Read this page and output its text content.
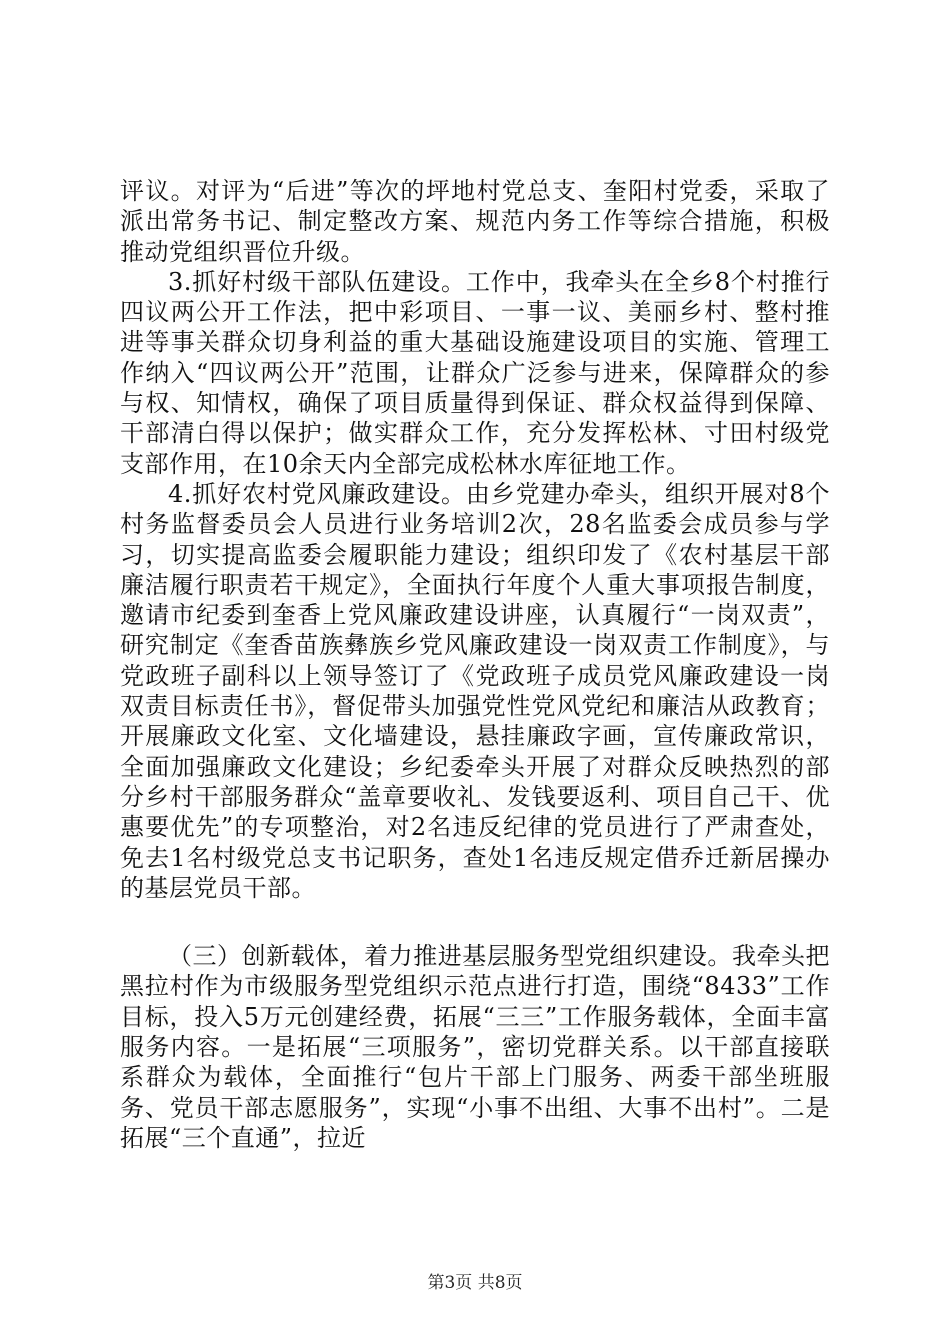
评议。对评为“后进”等次的坪地村党总支、奎阳村党委，采取了派出常务书记、制定整改方案、规范内务工作等综合措施，积极推动党组织晋位升级。

3.抓好村级干部队伍建设。工作中，我牵头在全乡8个村推行四议两公开工作法，把中彩项目、一事一议、美丽乡村、整村推进等事关群众切身利益的重大基础设施建设项目的实施、管理工作纳入“四议两公开”范围，让群众广泛参与进来，保障群众的参与权、知情权，确保了项目质量得到保证、群众权益得到保障、干部清白得以保护；做实群众工作，充分发挥松林、寸田村级党支部作用，在10余天内全部完成松林水库征地工作。

4.抓好农村党风廉政建设。由乡党建办牵头，组织开展对8个村务监督委员会人员进行业务培训2次，28名监委会成员参与学习，切实提高监委会履职能力建设；组织印发了《农村基层干部廉洁履行职责若干规定》，全面执行年度个人重大事项报告制度，邀请市纪委到奎香上党风廉政建设讲座，认真履行“一岗双责”，研究制定《奎香苗族彝族乡党风廉政建设一岗双责工作制度》，与党政班子副科以上领导签订了《党政班子成员党风廉政建设一岗双责目标责任书》，督促带头加强党性党风党纪和廉洁从政教育；开展廉政文化室、文化墙建设，悬挂廉政字画，宣传廉政常识，全面加强廉政文化建设；乡纪委牵头开展了对群众反映热烈的部分乡村干部服务群众“盖章要收礼、发钱要返利、项目自己干、优惠要优先”的专项整治，对2名违反纪律的党员进行了严肃查处，免去1名村级党总支书记职务，查处1名违反规定借乔迁新居操办的基层党员干部。

（三）创新载体，着力推进基层服务型党组织建设。我牵头把黑拉村作为市级服务型党组织示范点进行打造，围绕“8433”工作目标，投入5万元创建经费，拓展“三三”工作服务载体，全面丰富服务内容。一是拓展“三项服务”，密切党群关系。以干部直接联系群众为载体，全面推行“包片干部上门服务、两委干部坐班服务、党员干部志愿服务”，实现“小事不出组、大事不出村”。二是拓展“三个直通”，拉近

第3页 共8页
